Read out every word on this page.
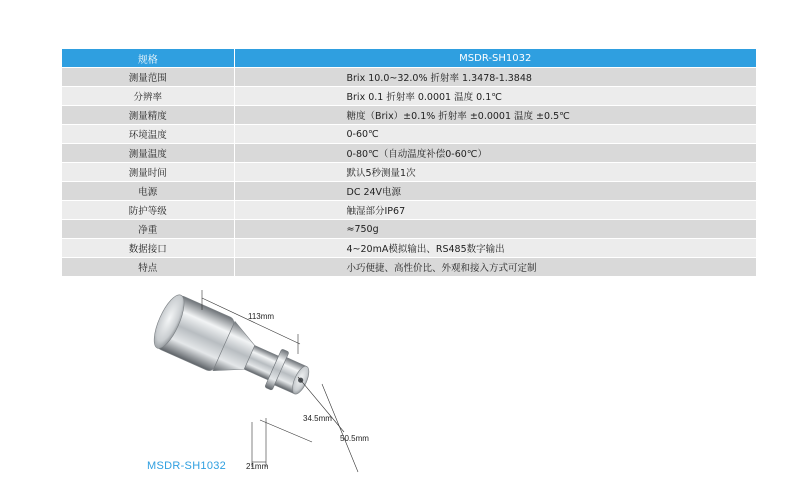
规格	MSDR-SH1032
测量范围	Brix 10.0~32.0% 折射率 1.3478-1.3848
分辨率	Brix 0.1 折射率 0.0001 温度 0.1℃
测量精度	糖度（Brix）±0.1% 折射率 ±0.0001 温度 ±0.5℃
环境温度	0-60℃
测量温度	0-80℃（自动温度补偿0-60℃）
测量时间	默认5秒测量1次
电源	DC 24V电源
防护等级	触湿部分IP67
净重	≈750g
数据接口	4~20mA模拟输出、RS485数字输出
特点	小巧便捷、高性价比、外观和接入方式可定制
113mm
34.5mm
50.5mm
21mm
MSDR-SH1032
